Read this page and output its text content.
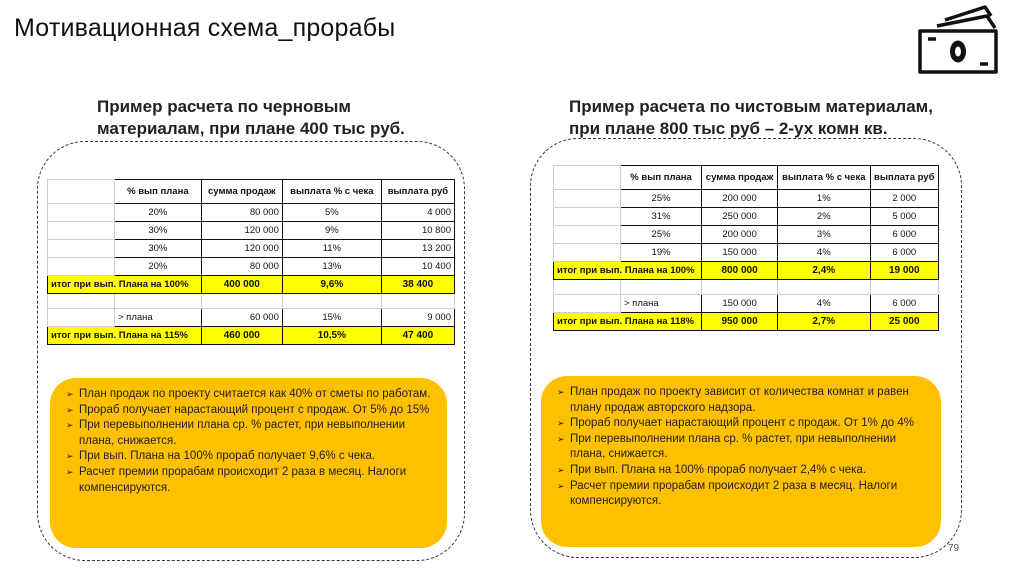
Мотивационная схема_прорабы
Пример расчета по черновым
материалам, при плане 400 тыс руб.
	% вып плана	сумма продаж	выплата % с чека	выплата руб
	20%	80 000	5%	4 000
	30%	120 000	9%	10 800
	30%	120 000	11%	13 200
	20%	80 000	13%	10 400
итог при вып. Плана на 100%		400 000	9,6%	38 400

	> плана	60 000	15%	9 000
итог при вып. Плана на 115%		460 000	10,5%	47 400
➢ План продаж по проекту считается как 40% от сметы по работам.
➢ Прораб получает нарастающий процент с продаж. От 5% до 15%
➢ При перевыполнении плана ср. % растет, при невыполнении плана, снижается.
➢ При вып. Плана на 100% прораб получает 9,6% с чека.
➢ Расчет премии прорабам происходит 2 раза в месяц. Налоги компенсируются.
Пример расчета по чистовым материалам,
при плане 800 тыс руб – 2-ух комн кв.
	% вып плана	сумма продаж	выплата % с чека	выплата руб
	25%	200 000	1%	2 000
	31%	250 000	2%	5 000
	25%	200 000	3%	6 000
	19%	150 000	4%	6 000
итог при вып. Плана на 100%		800 000	2,4%	19 000

	> плана	150 000	4%	6 000
итог при вып. Плана на 118%		950 000	2,7%	25 000
➢ План продаж по проекту зависит от количества комнат и равен плану продаж авторского надзора.
➢ Прораб получает нарастающий процент с продаж. От 1% до 4%
➢ При перевыполнении плана ср. % растет, при невыполнении плана, снижается.
➢ При вып. Плана на 100% прораб получает 2,4% с чека.
➢ Расчет премии прорабам происходит 2 раза в месяц. Налоги компенсируются.
79
